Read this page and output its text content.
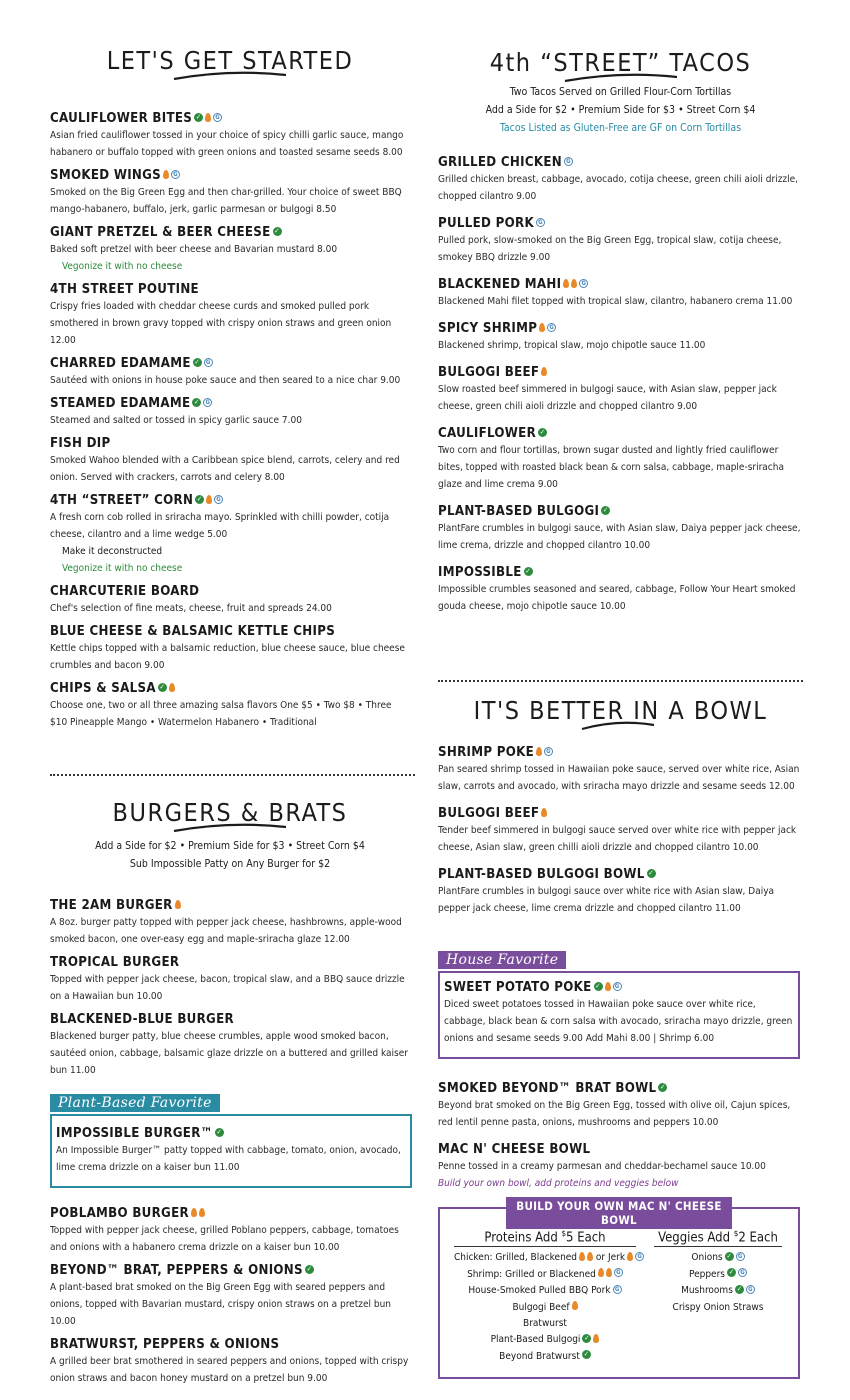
LET'S GET STARTED
CAULIFLOWER BITES ✓ G
Asian fried cauliflower tossed in your choice of spicy chilli garlic sauce, mango habanero or buffalo topped with green onions and toasted sesame seeds 8.00
SMOKED WINGS G
Smoked on the Big Green Egg and then char-grilled. Your choice of sweet BBQ mango-habanero, buffalo, jerk, garlic parmesan or bulgogi 8.50
GIANT PRETZEL & BEER CHEESE ✓
Baked soft pretzel with beer cheese and Bavarian mustard 8.00
Vegonize it with no cheese
4TH STREET POUTINE
Crispy fries loaded with cheddar cheese curds and smoked pulled pork smothered in brown gravy topped with crispy onion straws and green onion 12.00
CHARRED EDAMAME ✓ G
Sautéed with onions in house poke sauce and then seared to a nice char 9.00
STEAMED EDAMAME ✓ G
Steamed and salted or tossed in spicy garlic sauce 7.00
FISH DIP
Smoked Wahoo blended with a Caribbean spice blend, carrots, celery and red onion. Served with crackers, carrots and celery 8.00
4TH “STREET” CORN ✓ G
A fresh corn cob rolled in sriracha mayo. Sprinkled with chilli powder, cotija cheese, cilantro and a lime wedge 5.00
Make it deconstructed
Vegonize it with no cheese
CHARCUTERIE BOARD
Chef's selection of fine meats, cheese, fruit and spreads 24.00
BLUE CHEESE & BALSAMIC KETTLE CHIPS
Kettle chips topped with a balsamic reduction, blue cheese sauce, blue cheese crumbles and bacon 9.00
CHIPS & SALSA ✓
Choose one, two or all three amazing salsa flavors One $5 • Two $8 • Three $10 Pineapple Mango • Watermelon Habanero • Traditional
BURGERS & BRATS
Add a Side for $2 • Premium Side for $3 • Street Corn $4
Sub Impossible Patty on Any Burger for $2
THE 2AM BURGER
A 8oz. burger patty topped with pepper jack cheese, hashbrowns, apple-wood smoked bacon, one over-easy egg and maple-sriracha glaze 12.00
TROPICAL BURGER
Topped with pepper jack cheese, bacon, tropical slaw, and a BBQ sauce drizzle on a Hawaiian bun 10.00
BLACKENED-BLUE BURGER
Blackened burger patty, blue cheese crumbles, apple wood smoked bacon, sautéed onion, cabbage, balsamic glaze drizzle on a buttered and grilled kaiser bun 11.00
Plant-Based Favorite
IMPOSSIBLE BURGER™ ✓
An Impossible Burger™ patty topped with cabbage, tomato, onion, avocado, lime crema drizzle on a kaiser bun 11.00
POBLAMBO BURGER
Topped with pepper jack cheese, grilled Poblano peppers, cabbage, tomatoes and onions with a habanero crema drizzle on a kaiser bun 10.00
BEYOND™ BRAT, PEPPERS & ONIONS ✓
A plant-based brat smoked on the Big Green Egg with seared peppers and onions, topped with Bavarian mustard, crispy onion straws on a pretzel bun 10.00
BRATWURST, PEPPERS & ONIONS
A grilled beer brat smothered in seared peppers and onions, topped with crispy onion straws and bacon honey mustard on a pretzel bun 9.00
4th “STREET” TACOS
Two Tacos Served on Grilled Flour-Corn Tortillas
Add a Side for $2 • Premium Side for $3 • Street Corn $4
Tacos Listed as Gluten-Free are GF on Corn Tortillas
GRILLED CHICKEN G
Grilled chicken breast, cabbage, avocado, cotija cheese, green chili aioli drizzle, chopped cilantro 9.00
PULLED PORK G
Pulled pork, slow-smoked on the Big Green Egg, tropical slaw, cotija cheese, smokey BBQ drizzle 9.00
BLACKENED MAHI	G
Blackened Mahi filet topped with tropical slaw, cilantro, habanero crema 11.00
SPICY SHRIMP G
Blackened shrimp, tropical slaw, mojo chipotle sauce 11.00
BULGOGI BEEF
Slow roasted beef simmered in bulgogi sauce, with Asian slaw, pepper jack cheese, green chili aioli drizzle and chopped cilantro 9.00
CAULIFLOWER ✓
Two corn and flour tortillas, brown sugar dusted and lightly fried cauliflower bites, topped with roasted black bean & corn salsa, cabbage, maple-sriracha glaze and lime crema 9.00
PLANT-BASED BULGOGI ✓
PlantFare crumbles in bulgogi sauce, with Asian slaw, Daiya pepper jack cheese, lime crema, drizzle and chopped cilantro 10.00
IMPOSSIBLE ✓
Impossible crumbles seasoned and seared, cabbage, Follow Your Heart smoked gouda cheese, mojo chipotle sauce 10.00
IT'S BETTER IN A BOWL
SHRIMP POKE G
Pan seared shrimp tossed in Hawaiian poke sauce, served over white rice, Asian slaw, carrots and avocado, with sriracha mayo drizzle and sesame seeds 12.00
BULGOGI BEEF
Tender beef simmered in bulgogi sauce served over white rice with pepper jack cheese, Asian slaw, green chilli aioli drizzle and chopped cilantro 10.00
PLANT-BASED BULGOGI BOWL ✓
PlantFare crumbles in bulgogi sauce over white rice with Asian slaw, Daiya pepper jack cheese, lime crema drizzle and chopped cilantro 11.00
House Favorite
SWEET POTATO POKE ✓ G
Diced sweet potatoes tossed in Hawaiian poke sauce over white rice, cabbage, black bean & corn salsa with avocado, sriracha mayo drizzle, green onions and sesame seeds 9.00 Add Mahi 8.00 | Shrimp 6.00
SMOKED BEYOND™ BRAT BOWL ✓
Beyond brat smoked on the Big Green Egg, tossed with olive oil, Cajun spices, red lentil penne pasta, onions, mushrooms and peppers 10.00
MAC N' CHEESE BOWL
Penne tossed in a creamy parmesan and cheddar-bechamel sauce 10.00
Build your own bowl, add proteins and veggies below
BUILD YOUR OWN MAC N' CHEESE BOWL
Proteins Add $5 Each
Chicken: Grilled, Blackened or Jerk G
Shrimp: Grilled or Blackened	G
House-Smoked Pulled BBQ Pork G
Bulgogi Beef
Bratwurst
Plant-Based Bulgogi ✓
Beyond Bratwurst ✓
Veggies Add $2 Each
Onions ✓ G
Peppers ✓ G
Mushrooms ✓ G
Crispy Onion Straws
